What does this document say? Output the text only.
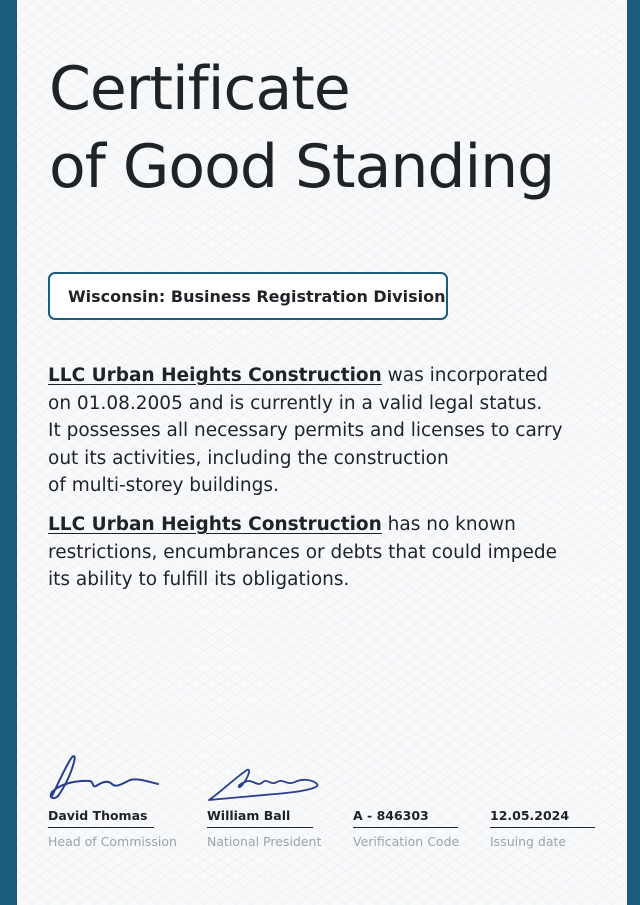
Certificate
of Good Standing
Wisconsin: Business Registration Division

LLC Urban Heights Construction was incorporated
on 01.08.2005 and is currently in a valid legal status.
It possesses all necessary permits and licenses to carry
out its activities, including the construction
of multi-storey buildings.

LLC Urban Heights Construction has no known
restrictions, encumbrances or debts that could impede
its ability to fulfill its obligations.

David Thomas
Head of Commission
William Ball
National President
A - 846303
Verification Code
12.05.2024
Issuing date
